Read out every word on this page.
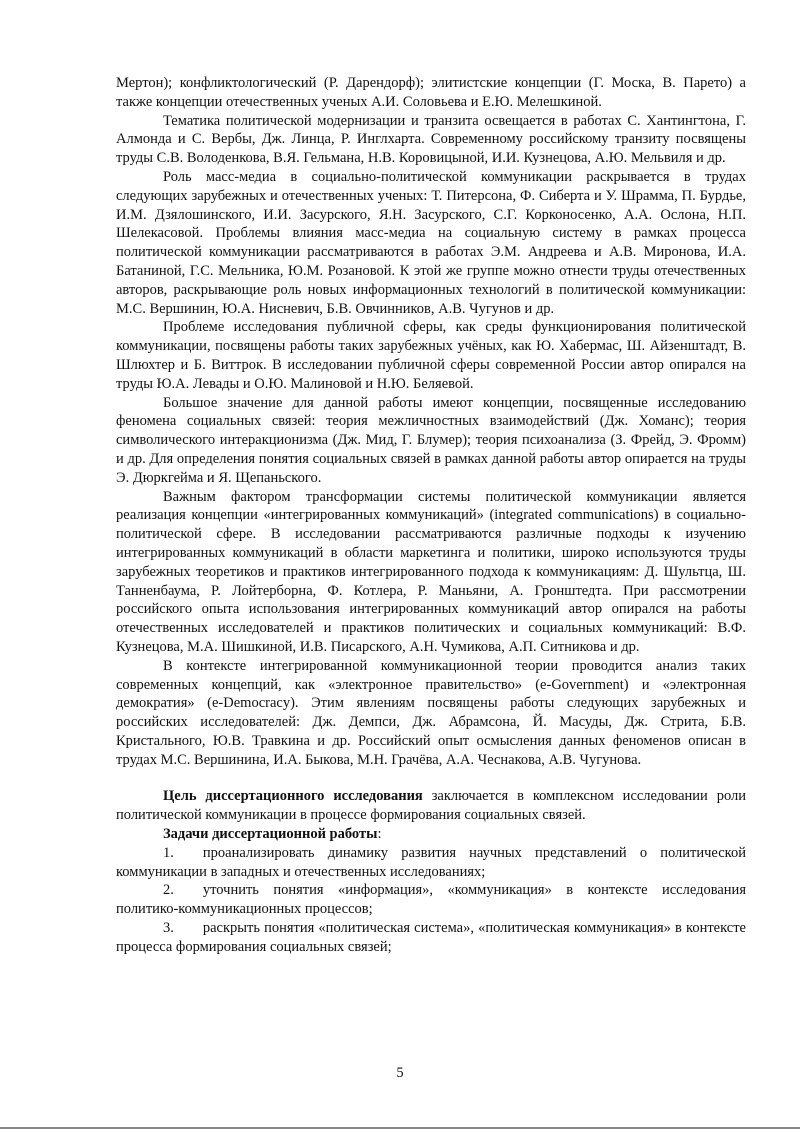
Мертон); конфликтологический (Р. Дарендорф); элитистские концепции (Г. Моска, В. Парето) а также концепции отечественных ученых А.И. Соловьева и Е.Ю. Мелешкиной.

Тематика политической модернизации и транзита освещается в работах С. Хантингтона, Г. Алмонда и С. Вербы, Дж. Линца, Р. Инглхарта. Современному российскому транзиту посвящены труды С.В. Володенкова, В.Я. Гельмана, Н.В. Коровицыной, И.И. Кузнецова, А.Ю. Мельвиля и др.

Роль масс-медиа в социально-политической коммуникации раскрывается в трудах следующих зарубежных и отечественных ученых: Т. Питерсона, Ф. Сиберта и У. Шрамма, П. Бурдье, И.М. Дзялошинского, И.И. Засурского, Я.Н. Засурского, С.Г. Корконосенко, А.А. Ослона, Н.П. Шелекасовой. Проблемы влияния масс-медиа на социальную систему в рамках процесса политической коммуникации рассматриваются в работах Э.М. Андреева и А.В. Миронова, И.А. Батаниной, Г.С. Мельника, Ю.М. Розановой. К этой же группе можно отнести труды отечественных авторов, раскрывающие роль новых информационных технологий в политической коммуникации: М.С. Вершинин, Ю.А. Нисневич, Б.В. Овчинников, А.В. Чугунов и др.

Проблеме исследования публичной сферы, как среды функционирования политической коммуникации, посвящены работы таких зарубежных учёных, как Ю. Хабермас, Ш. Айзенштадт, В. Шлюхтер и Б. Виттрок. В исследовании публичной сферы современной России автор опирался на труды Ю.А. Левады и О.Ю. Малиновой и Н.Ю. Беляевой.

Большое значение для данной работы имеют концепции, посвященные исследованию феномена социальных связей: теория межличностных взаимодействий (Дж. Хоманс); теория символического интеракционизма (Дж. Мид, Г. Блумер); теория психоанализа (З. Фрейд, Э. Фромм) и др. Для определения понятия социальных связей в рамках данной работы автор опирается на труды Э. Дюркгейма и Я. Щепаньского.

Важным фактором трансформации системы политической коммуникации является реализация концепции «интегрированных коммуникаций» (integrated communications) в социально-политической сфере. В исследовании рассматриваются различные подходы к изучению интегрированных коммуникаций в области маркетинга и политики, широко используются труды зарубежных теоретиков и практиков интегрированного подхода к коммуникациям: Д. Шультца, Ш. Танненбаума, Р. Лойтерборна, Ф. Котлера, Р. Маньяни, А. Гронштедта. При рассмотрении российского опыта использования интегрированных коммуникаций автор опирался на работы отечественных исследователей и практиков политических и социальных коммуникаций: В.Ф. Кузнецова, М.А. Шишкиной, И.В. Писарского, А.Н. Чумикова, А.П. Ситникова и др.

В контексте интегрированной коммуникационной теории проводится анализ таких современных концепций, как «электронное правительство» (e-Government) и «электронная демократия» (e-Democracy). Этим явлениям посвящены работы следующих зарубежных и российских исследователей: Дж. Демпси, Дж. Абрамсона, Й. Масуды, Дж. Стрита, Б.В. Кристального, Ю.В. Травкина и др. Российский опыт осмысления данных феноменов описан в трудах М.С. Вершинина, И.А. Быкова, М.Н. Грачёва, А.А. Чеснакова, А.В. Чугунова.

Цель диссертационного исследования заключается в комплексном исследовании роли политической коммуникации в процессе формирования социальных связей.

Задачи диссертационной работы:

1.  проанализировать динамику развития научных представлений о политической коммуникации в западных и отечественных исследованиях;

2.  уточнить понятия «информация», «коммуникация» в контексте исследования политико-коммуникационных процессов;

3.  раскрыть понятия «политическая система», «политическая коммуникация» в контексте процесса формирования социальных связей;

5
